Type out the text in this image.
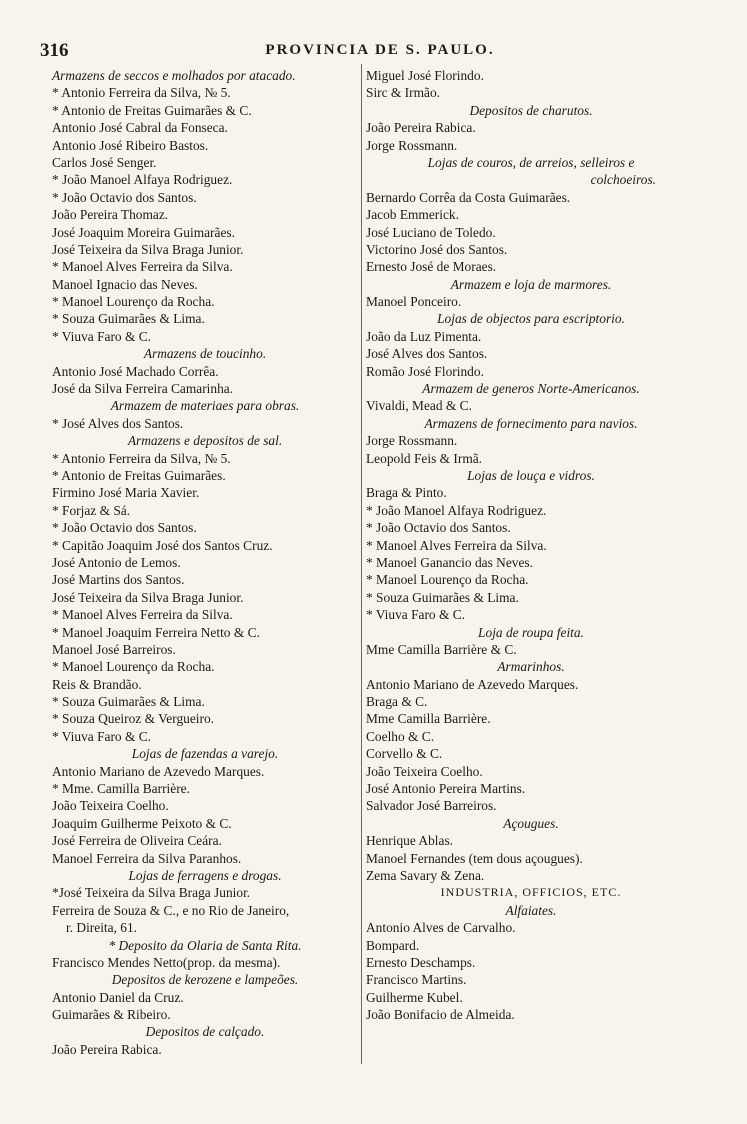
316	PROVINCIA DE S. PAULO.
Armazens de seccos e molhados por atacado.
* Antonio Ferreira da Silva, № 5.
* Antonio de Freitas Guimarães & C.
Antonio José Cabral da Fonseca.
Antonio José Ribeiro Bastos.
Carlos José Senger.
* João Manoel Alfaya Rodriguez.
* João Octavio dos Santos.
João Pereira Thomaz.
José Joaquim Moreira Guimarães.
José Teixeira da Silva Braga Junior.
* Manoel Alves Ferreira da Silva.
Manoel Ignacio das Neves.
* Manoel Lourenço da Rocha.
* Souza Guimarães & Lima.
* Viuva Faro & C.
Armazens de toucinho.
Antonio José Machado Corrêa.
José da Silva Ferreira Camarinha.
Armazem de materiaes para obras.
* José Alves dos Santos.
Armazens e depositos de sal.
* Antonio Ferreira da Silva, № 5.
* Antonio de Freitas Guimarães.
Firmino José Maria Xavier.
* Forjaz & Sá.
* João Octavio dos Santos.
* Capitão Joaquim José dos Santos Cruz.
José Antonio de Lemos.
José Martins dos Santos.
José Teixeira da Silva Braga Junior.
* Manoel Alves Ferreira da Silva.
* Manoel Joaquim Ferreira Netto & C.
Manoel José Barreiros.
* Manoel Lourenço da Rocha.
Reis & Brandão.
* Souza Guimarães & Lima.
* Souza Queiroz & Vergueiro.
* Viuva Faro & C.
Lojas de fazendas a varejo.
Antonio Mariano de Azevedo Marques.
* Mme. Camilla Barrière.
João Teixeira Coelho.
Joaquim Guilherme Peixoto & C.
José Ferreira de Oliveira Ceára.
Manoel Ferreira da Silva Paranhos.
Lojas de ferragens e drogas.
*José Teixeira da Silva Braga Junior.
Ferreira de Souza & C., e no Rio de Janeiro,
r. Direita, 61.
* Deposito da Olaria de Santa Rita.
Francisco Mendes Netto(prop. da mesma).
Depositos de kerozene e lampeões.
Antonio Daniel da Cruz.
Guimarães & Ribeiro.
Depositos de calçado.
João Pereira Rabica.
Miguel José Florindo.
Sirc & Irmão.
Depositos de charutos.
João Pereira Rabica.
Jorge Rossmann.
Lojas de couros, de arreios, selleiros e
colchoeiros.
Bernardo Corrêa da Costa Guimarães.
Jacob Emmerick.
José Luciano de Toledo.
Victorino José dos Santos.
Ernesto José de Moraes.
Armazem e loja de marmores.
Manoel Ponceiro.
Lojas de objectos para escriptorio.
João da Luz Pimenta.
José Alves dos Santos.
Romão José Florindo.
Armazem de generos Norte-Americanos.
Vivaldi, Mead & C.
Armazens de fornecimento para navios.
Jorge Rossmann.
Leopold Feis & Irmã.
Lojas de louça e vidros.
Braga & Pinto.
* João Manoel Alfaya Rodriguez.
* João Octavio dos Santos.
* Manoel Alves Ferreira da Silva.
* Manoel Ganancio das Neves.
* Manoel Lourenço da Rocha.
* Souza Guimarães & Lima.
* Viuva Faro & C.
Loja de roupa feita.
Mme Camilla Barrière & C.
Armarinhos.
Antonio Mariano de Azevedo Marques.
Braga & C.
Mme Camilla Barrière.
Coelho & C.
Corvello & C.
João Teixeira Coelho.
José Antonio Pereira Martins.
Salvador José Barreiros.
Açougues.
Henrique Ablas.
Manoel Fernandes (tem dous açougues).
Zema Savary & Zena.
INDUSTRIA, OFFICIOS, ETC.
Alfaiates.
Antonio Alves de Carvalho.
Bompard.
Ernesto Deschamps.
Francisco Martins.
Guilherme Kubel.
João Bonifacio de Almeida.
